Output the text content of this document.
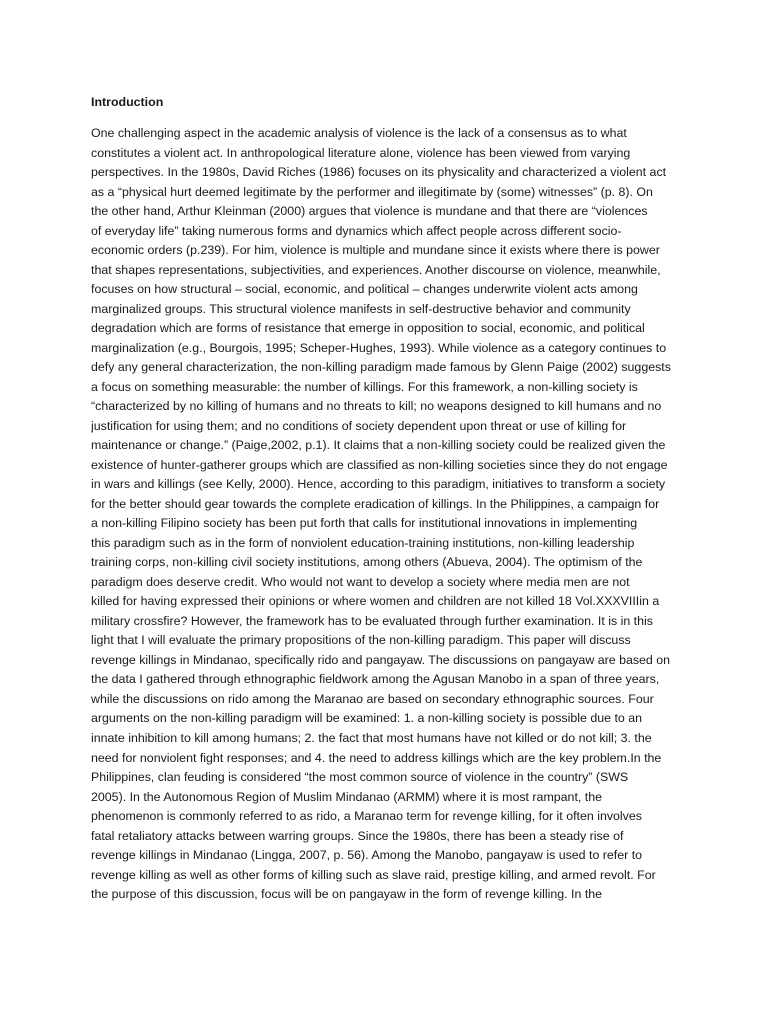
Introduction
One challenging aspect in the academic analysis of violence is the lack of a consensus as to what
constitutes a violent act. In anthropological literature alone, violence has been viewed from varying
perspectives. In the 1980s, David Riches (1986) focuses on its physicality and characterized a violent act
as a “physical hurt deemed legitimate by the performer and illegitimate by (some) witnesses” (p. 8). On
the other hand, Arthur Kleinman (2000) argues that violence is mundane and that there are “violences
of everyday life” taking numerous forms and dynamics which affect people across different socio-
economic orders (p.239). For him, violence is multiple and mundane since it exists where there is power
that shapes representations, subjectivities, and experiences. Another discourse on violence, meanwhile,
focuses on how structural – social, economic, and political – changes underwrite violent acts among
marginalized groups. This structural violence manifests in self-destructive behavior and community
degradation which are forms of resistance that emerge in opposition to social, economic, and political
marginalization (e.g., Bourgois, 1995; Scheper-Hughes, 1993). While violence as a category continues to
defy any general characterization, the non-killing paradigm made famous by Glenn Paige (2002) suggests
a focus on something measurable: the number of killings. For this framework, a non-killing society is
“characterized by no killing of humans and no threats to kill; no weapons designed to kill humans and no
justification for using them; and no conditions of society dependent upon threat or use of killing for
maintenance or change.” (Paige,2002, p.1). It claims that a non-killing society could be realized given the
existence of hunter-gatherer groups which are classified as non-killing societies since they do not engage
in wars and killings (see Kelly, 2000). Hence, according to this paradigm, initiatives to transform a society
for the better should gear towards the complete eradication of killings. In the Philippines, a campaign for
a non-killing Filipino society has been put forth that calls for institutional innovations in implementing
this paradigm such as in the form of nonviolent education-training institutions, non-killing leadership
training corps, non-killing civil society institutions, among others (Abueva, 2004). The optimism of the
paradigm does deserve credit. Who would not want to develop a society where media men are not
killed for having expressed their opinions or where women and children are not killed 18 Vol.XXXVIIIin a
military crossfire? However, the framework has to be evaluated through further examination. It is in this
light that I will evaluate the primary propositions of the non-killing paradigm. This paper will discuss
revenge killings in Mindanao, specifically rido and pangayaw. The discussions on pangayaw are based on
the data I gathered through ethnographic fieldwork among the Agusan Manobo in a span of three years,
while the discussions on rido among the Maranao are based on secondary ethnographic sources. Four
arguments on the non-killing paradigm will be examined: 1. a non-killing society is possible due to an
innate inhibition to kill among humans; 2. the fact that most humans have not killed or do not kill; 3. the
need for nonviolent fight responses; and 4. the need to address killings which are the key problem.In the
Philippines, clan feuding is considered “the most common source of violence in the country” (SWS
2005). In the Autonomous Region of Muslim Mindanao (ARMM) where it is most rampant, the
phenomenon is commonly referred to as rido, a Maranao term for revenge killing, for it often involves
fatal retaliatory attacks between warring groups. Since the 1980s, there has been a steady rise of
revenge killings in Mindanao (Lingga, 2007, p. 56). Among the Manobo, pangayaw is used to refer to
revenge killing as well as other forms of killing such as slave raid, prestige killing, and armed revolt. For
the purpose of this discussion, focus will be on pangayaw in the form of revenge killing. In the
